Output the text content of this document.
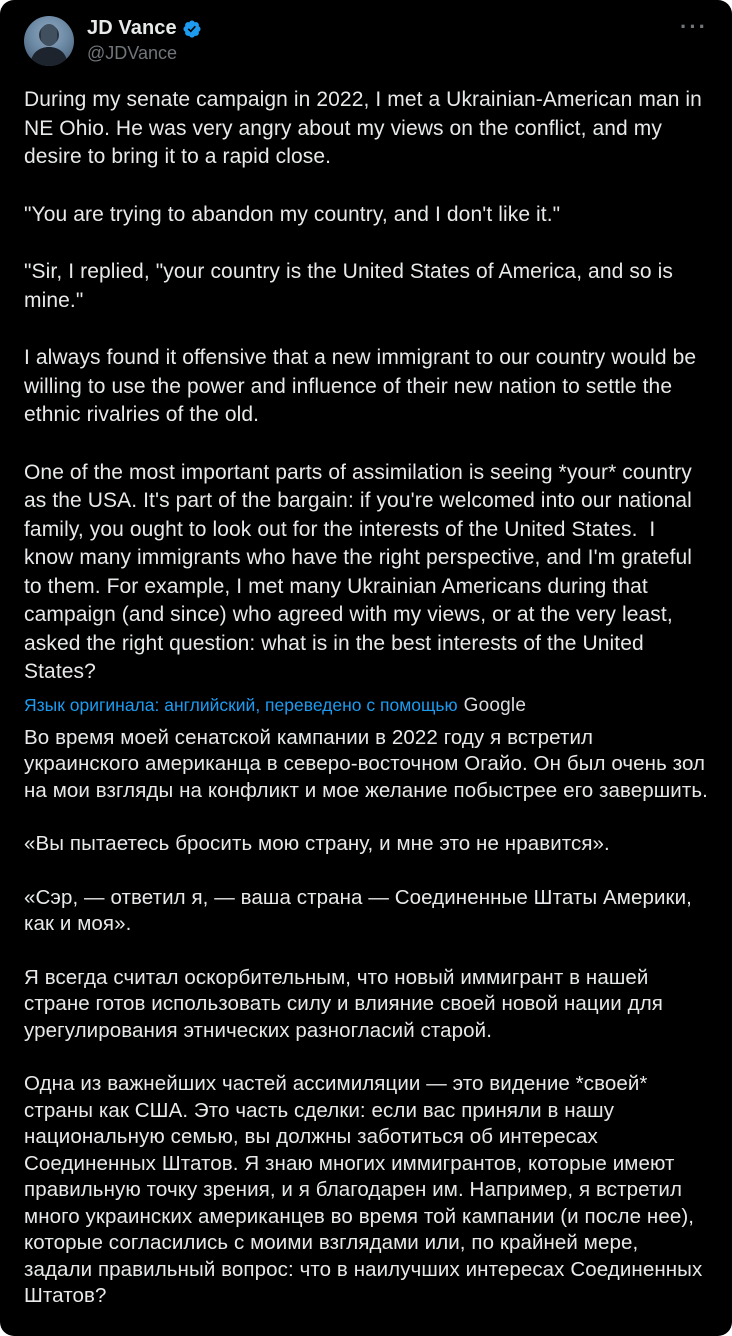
JD Vance
@JDVance
···

During my senate campaign in 2022, I met a Ukrainian-American man in NE Ohio. He was very angry about my views on the conflict, and my desire to bring it to a rapid close.

"You are trying to abandon my country, and I don't like it."

"Sir, I replied, "your country is the United States of America, and so is mine."

I always found it offensive that a new immigrant to our country would be willing to use the power and influence of their new nation to settle the ethnic rivalries of the old.

One of the most important parts of assimilation is seeing *your* country as the USA. It's part of the bargain: if you're welcomed into our national family, you ought to look out for the interests of the United States.  I know many immigrants who have the right perspective, and I'm grateful to them. For example, I met many Ukrainian Americans during that campaign (and since) who agreed with my views, or at the very least, asked the right question: what is in the best interests of the United States?

Язык оригинала: английский, переведено с помощью Google

Во время моей сенатской кампании в 2022 году я встретил украинского американца в северо-восточном Огайо. Он был очень зол на мои взгляды на конфликт и мое желание побыстрее его завершить.

«Вы пытаетесь бросить мою страну, и мне это не нравится».

«Сэр, — ответил я, — ваша страна — Соединенные Штаты Америки, как и моя».

Я всегда считал оскорбительным, что новый иммигрант в нашей стране готов использовать силу и влияние своей новой нации для урегулирования этнических разногласий старой.

Одна из важнейших частей ассимиляции — это видение *своей* страны как США. Это часть сделки: если вас приняли в нашу национальную семью, вы должны заботиться об интересах Соединенных Штатов. Я знаю многих иммигрантов, которые имеют правильную точку зрения, и я благодарен им. Например, я встретил много украинских американцев во время той кампании (и после нее), которые согласились с моими взглядами или, по крайней мере, задали правильный вопрос: что в наилучших интересах Соединенных Штатов?
